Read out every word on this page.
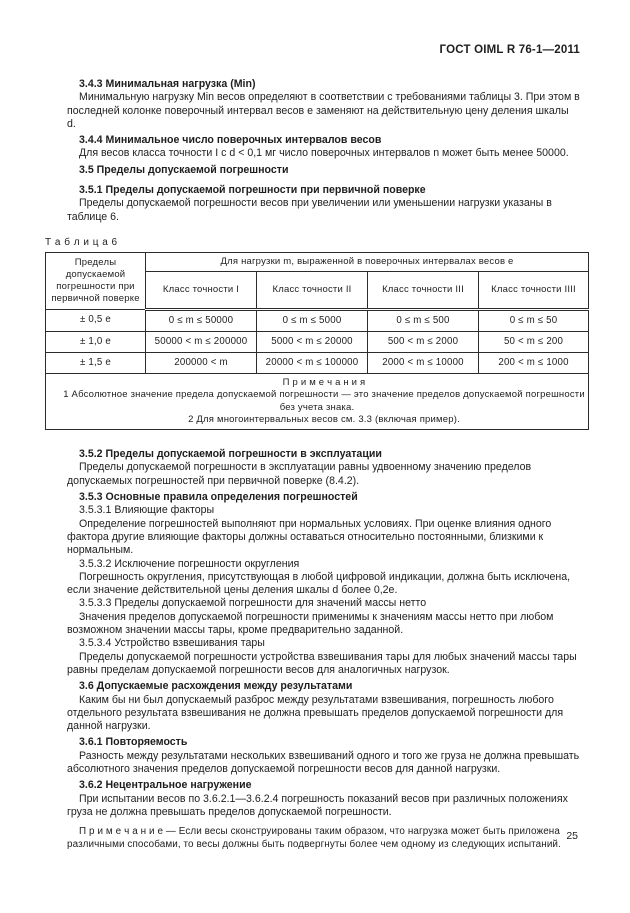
ГОСТ OIML R 76-1—2011
3.4.3 Минимальная нагрузка (Min)
Минимальную нагрузку Min весов определяют в соответствии с требованиями таблицы 3. При этом в последней колонке поверочный интервал весов e заменяют на действительную цену деления шкалы d.
3.4.4 Минимальное число поверочных интервалов весов
Для весов класса точности I с d < 0,1 мг число поверочных интервалов n может быть менее 50000.
3.5 Пределы допускаемой погрешности
3.5.1 Пределы допускаемой погрешности при первичной поверке
Пределы допускаемой погрешности весов при увеличении или уменьшении нагрузки указаны в таблице 6.
Т а б л и ц а 6
Пределы допускаемой погрешности при первичной поверке	Для нагрузки m, выраженной в поверочных интервалах весов e			
	Класс точности I	Класс точности II	Класс точности III	Класс точности IIII
± 0,5 e	0 ≤ m ≤ 50000	0 ≤ m ≤ 5000	0 ≤ m ≤ 500	0 ≤ m ≤ 50
± 1,0 e	50000 < m ≤ 200000	5000 < m ≤ 20000	500 < m ≤ 2000	50 < m ≤ 200
± 1,5 e	200000 < m	20000 < m ≤ 100000	2000 < m ≤ 10000	200 < m ≤ 1000

П р и м е ч а н и я
1 Абсолютное значение предела допускаемой погрешности — это значение пределов допускаемой погрешности без учета знака.
2 Для многоинтервальных весов см. 3.3 (включая пример).				
3.5.2 Пределы допускаемой погрешности в эксплуатации
Пределы допускаемой погрешности в эксплуатации равны удвоенному значению пределов допускаемых погрешностей при первичной поверке (8.4.2).
3.5.3 Основные правила определения погрешностей
3.5.3.1 Влияющие факторы
Определение погрешностей выполняют при нормальных условиях. При оценке влияния одного фактора другие влияющие факторы должны оставаться относительно постоянными, близкими к нормальным.
3.5.3.2 Исключение погрешности округления
Погрешность округления, присутствующая в любой цифровой индикации, должна быть исключена, если значение действительной цены деления шкалы d более 0,2e.
3.5.3.3 Пределы допускаемой погрешности для значений массы нетто
Значения пределов допускаемой погрешности применимы к значениям массы нетто при любом возможном значении массы тары, кроме предварительно заданной.
3.5.3.4 Устройство взвешивания тары
Пределы допускаемой погрешности устройства взвешивания тары для любых значений массы тары равны пределам допускаемой погрешности весов для аналогичных нагрузок.
3.6 Допускаемые расхождения между результатами
Каким бы ни был допускаемый разброс между результатами взвешивания, погрешность любого отдельного результата взвешивания не должна превышать пределов допускаемой погрешности для данной нагрузки.
3.6.1 Повторяемость
Разность между результатами нескольких взвешиваний одного и того же груза не должна превышать абсолютного значения пределов допускаемой погрешности весов для данной нагрузки.
3.6.2 Нецентральное нагружение
При испытании весов по 3.6.2.1—3.6.2.4 погрешность показаний весов при различных положениях груза не должна превышать пределов допускаемой погрешности.
П р и м е ч а н и е — Если весы сконструированы таким образом, что нагрузка может быть приложена различными способами, то весы должны быть подвергнуты более чем одному из следующих испытаний.
25
